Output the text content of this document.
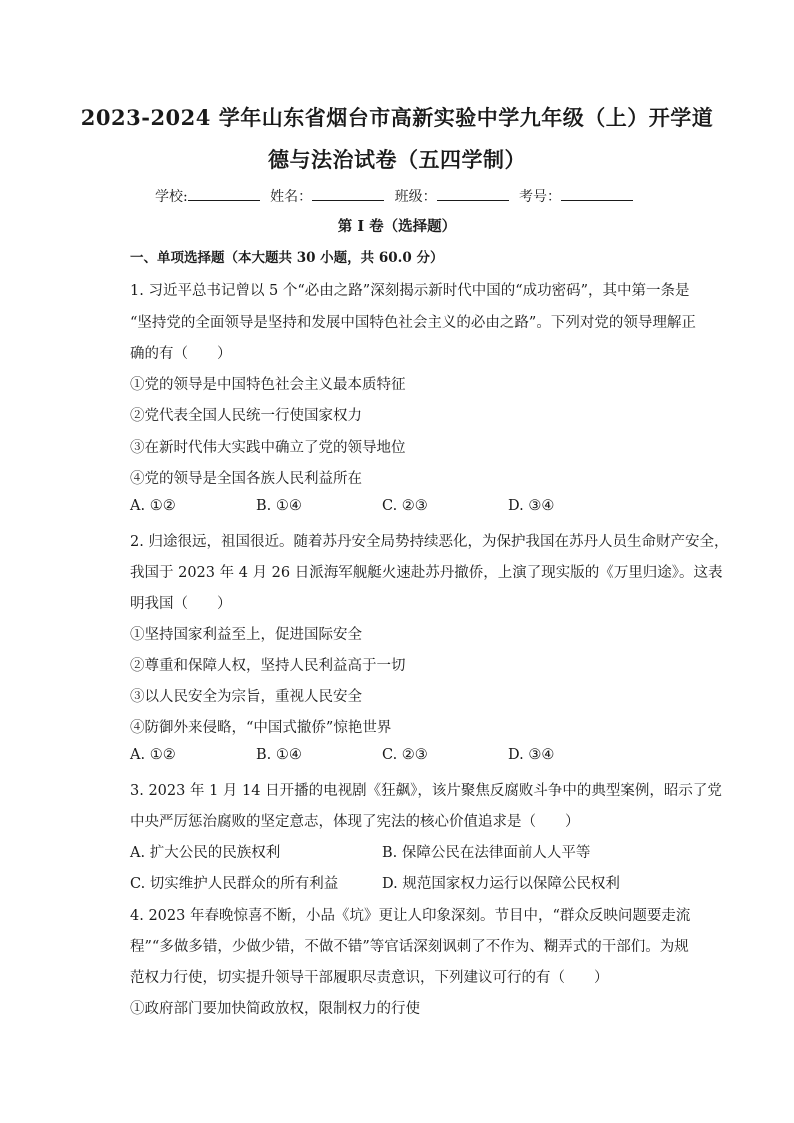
2023-2024 学年山东省烟台市高新实验中学九年级（上）开学道
德与法治试卷（五四学制）
学校:	姓名：	班级：	考号：
第 I 卷（选择题）
一、单项选择题（本大题共 30 小题，共 60.0 分）
1. 习近平总书记曾以 5 个“必由之路”深刻揭示新时代中国的“成功密码”，其中第一条是
“坚持党的全面领导是坚持和发展中国特色社会主义的必由之路”。下列对党的领导理解正
确的有（　　）
①党的领导是中国特色社会主义最本质特征
②党代表全国人民统一行使国家权力
③在新时代伟大实践中确立了党的领导地位
④党的领导是全国各族人民利益所在
A. ①②	B. ①④	C. ②③	D. ③④
2. 归途很远，祖国很近。随着苏丹安全局势持续恶化，为保护我国在苏丹人员生命财产安全，
我国于 2023 年 4 月 26 日派海军舰艇火速赴苏丹撤侨，上演了现实版的《万里归途》。这表
明我国（　　）
①坚持国家利益至上，促进国际安全
②尊重和保障人权，坚持人民利益高于一切
③以人民安全为宗旨，重视人民安全
④防御外来侵略，“中国式撤侨”惊艳世界
A. ①②	B. ①④	C. ②③	D. ③④
3. 2023 年 1 月 14 日开播的电视剧《狂飙》，该片聚焦反腐败斗争中的典型案例，昭示了党
中央严厉惩治腐败的坚定意志，体现了宪法的核心价值追求是（　　）
A. 扩大公民的民族权利	B. 保障公民在法律面前人人平等
C. 切实维护人民群众的所有利益	D. 规范国家权力运行以保障公民权利
4. 2023 年春晚惊喜不断，小品《坑》更让人印象深刻。节目中，“群众反映问题要走流
程”“多做多错，少做少错，不做不错”等官话深刻讽刺了不作为、糊弄式的干部们。为规
范权力行使，切实提升领导干部履职尽责意识，下列建议可行的有（　　）
①政府部门要加快简政放权，限制权力的行使
